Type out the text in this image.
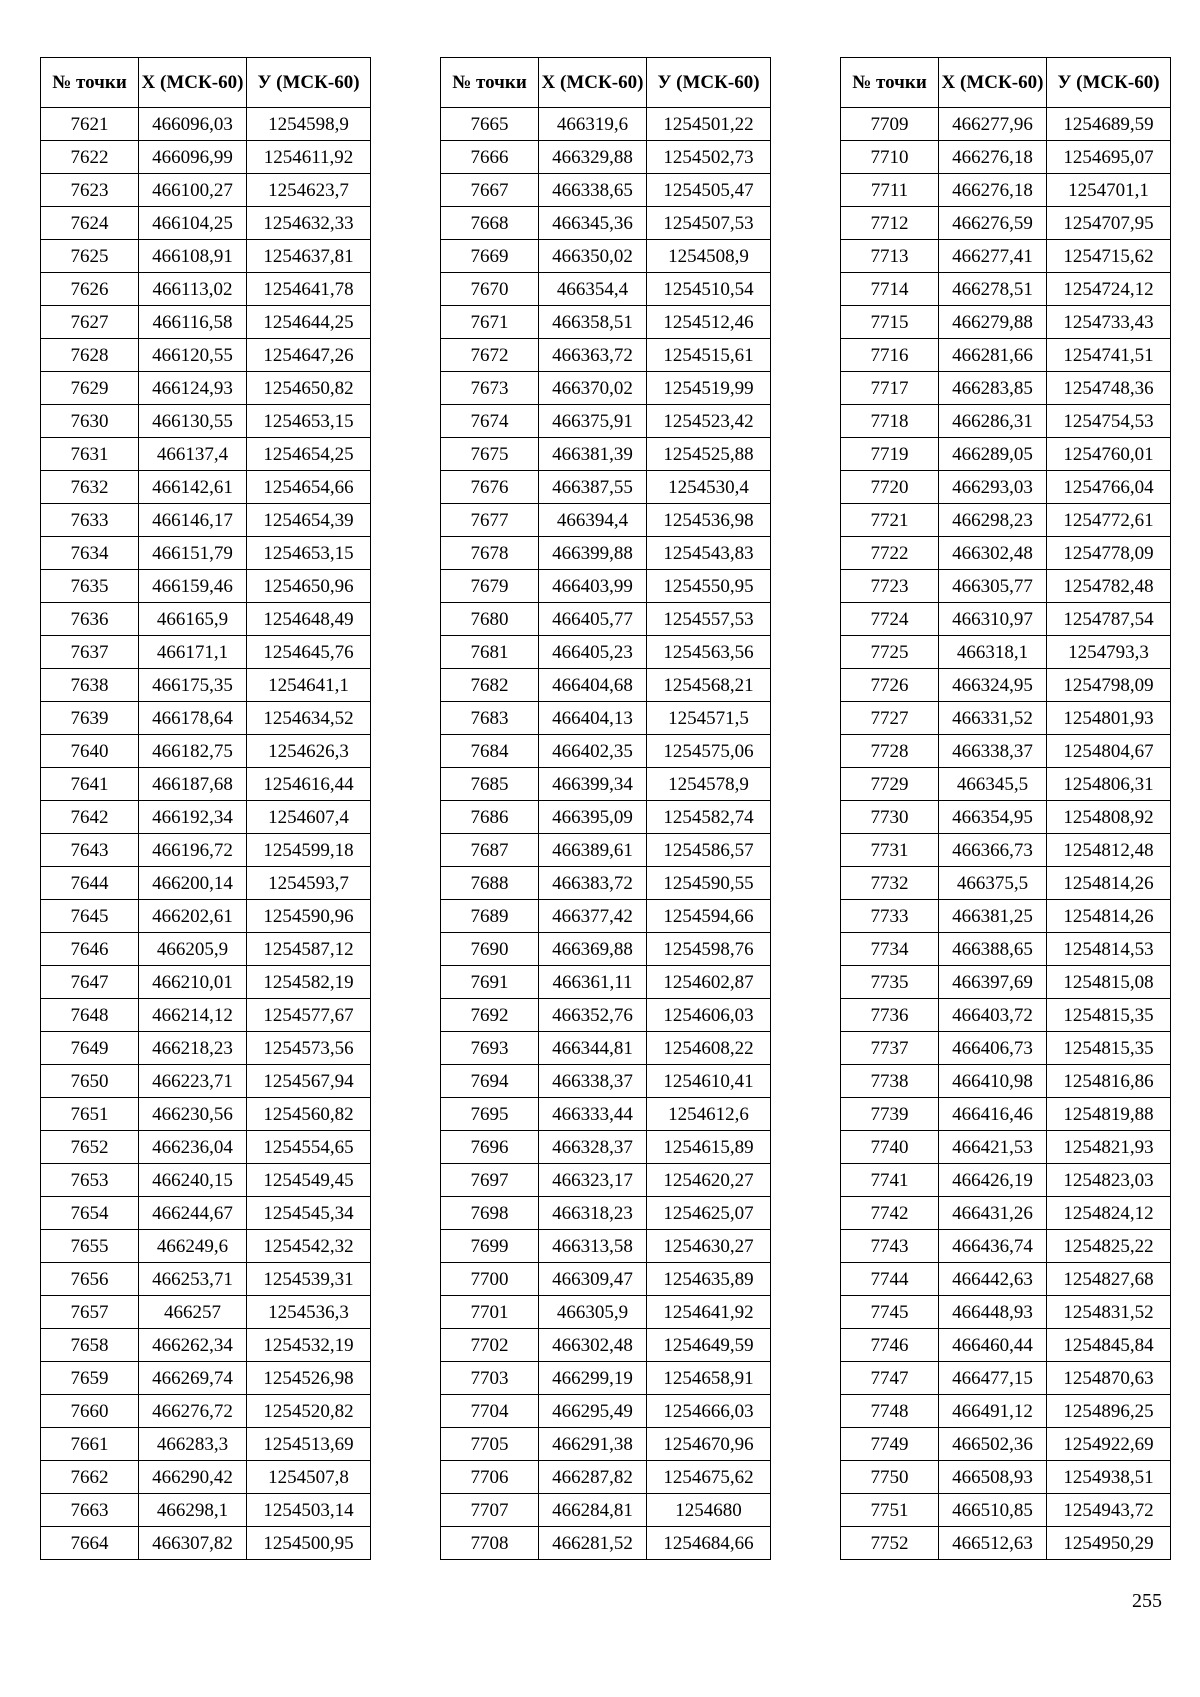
№ точки	X (МСК-60)	У (МСК-60)
7621	466096,03	1254598,9
7622	466096,99	1254611,92
7623	466100,27	1254623,7
7624	466104,25	1254632,33
7625	466108,91	1254637,81
7626	466113,02	1254641,78
7627	466116,58	1254644,25
7628	466120,55	1254647,26
7629	466124,93	1254650,82
7630	466130,55	1254653,15
7631	466137,4	1254654,25
7632	466142,61	1254654,66
7633	466146,17	1254654,39
7634	466151,79	1254653,15
7635	466159,46	1254650,96
7636	466165,9	1254648,49
7637	466171,1	1254645,76
7638	466175,35	1254641,1
7639	466178,64	1254634,52
7640	466182,75	1254626,3
7641	466187,68	1254616,44
7642	466192,34	1254607,4
7643	466196,72	1254599,18
7644	466200,14	1254593,7
7645	466202,61	1254590,96
7646	466205,9	1254587,12
7647	466210,01	1254582,19
7648	466214,12	1254577,67
7649	466218,23	1254573,56
7650	466223,71	1254567,94
7651	466230,56	1254560,82
7652	466236,04	1254554,65
7653	466240,15	1254549,45
7654	466244,67	1254545,34
7655	466249,6	1254542,32
7656	466253,71	1254539,31
7657	466257	1254536,3
7658	466262,34	1254532,19
7659	466269,74	1254526,98
7660	466276,72	1254520,82
7661	466283,3	1254513,69
7662	466290,42	1254507,8
7663	466298,1	1254503,14
7664	466307,82	1254500,95
№ точки	X (МСК-60)	У (МСК-60)
7665	466319,6	1254501,22
7666	466329,88	1254502,73
7667	466338,65	1254505,47
7668	466345,36	1254507,53
7669	466350,02	1254508,9
7670	466354,4	1254510,54
7671	466358,51	1254512,46
7672	466363,72	1254515,61
7673	466370,02	1254519,99
7674	466375,91	1254523,42
7675	466381,39	1254525,88
7676	466387,55	1254530,4
7677	466394,4	1254536,98
7678	466399,88	1254543,83
7679	466403,99	1254550,95
7680	466405,77	1254557,53
7681	466405,23	1254563,56
7682	466404,68	1254568,21
7683	466404,13	1254571,5
7684	466402,35	1254575,06
7685	466399,34	1254578,9
7686	466395,09	1254582,74
7687	466389,61	1254586,57
7688	466383,72	1254590,55
7689	466377,42	1254594,66
7690	466369,88	1254598,76
7691	466361,11	1254602,87
7692	466352,76	1254606,03
7693	466344,81	1254608,22
7694	466338,37	1254610,41
7695	466333,44	1254612,6
7696	466328,37	1254615,89
7697	466323,17	1254620,27
7698	466318,23	1254625,07
7699	466313,58	1254630,27
7700	466309,47	1254635,89
7701	466305,9	1254641,92
7702	466302,48	1254649,59
7703	466299,19	1254658,91
7704	466295,49	1254666,03
7705	466291,38	1254670,96
7706	466287,82	1254675,62
7707	466284,81	1254680
7708	466281,52	1254684,66
№ точки	X (МСК-60)	У (МСК-60)
7709	466277,96	1254689,59
7710	466276,18	1254695,07
7711	466276,18	1254701,1
7712	466276,59	1254707,95
7713	466277,41	1254715,62
7714	466278,51	1254724,12
7715	466279,88	1254733,43
7716	466281,66	1254741,51
7717	466283,85	1254748,36
7718	466286,31	1254754,53
7719	466289,05	1254760,01
7720	466293,03	1254766,04
7721	466298,23	1254772,61
7722	466302,48	1254778,09
7723	466305,77	1254782,48
7724	466310,97	1254787,54
7725	466318,1	1254793,3
7726	466324,95	1254798,09
7727	466331,52	1254801,93
7728	466338,37	1254804,67
7729	466345,5	1254806,31
7730	466354,95	1254808,92
7731	466366,73	1254812,48
7732	466375,5	1254814,26
7733	466381,25	1254814,26
7734	466388,65	1254814,53
7735	466397,69	1254815,08
7736	466403,72	1254815,35
7737	466406,73	1254815,35
7738	466410,98	1254816,86
7739	466416,46	1254819,88
7740	466421,53	1254821,93
7741	466426,19	1254823,03
7742	466431,26	1254824,12
7743	466436,74	1254825,22
7744	466442,63	1254827,68
7745	466448,93	1254831,52
7746	466460,44	1254845,84
7747	466477,15	1254870,63
7748	466491,12	1254896,25
7749	466502,36	1254922,69
7750	466508,93	1254938,51
7751	466510,85	1254943,72
7752	466512,63	1254950,29
255
